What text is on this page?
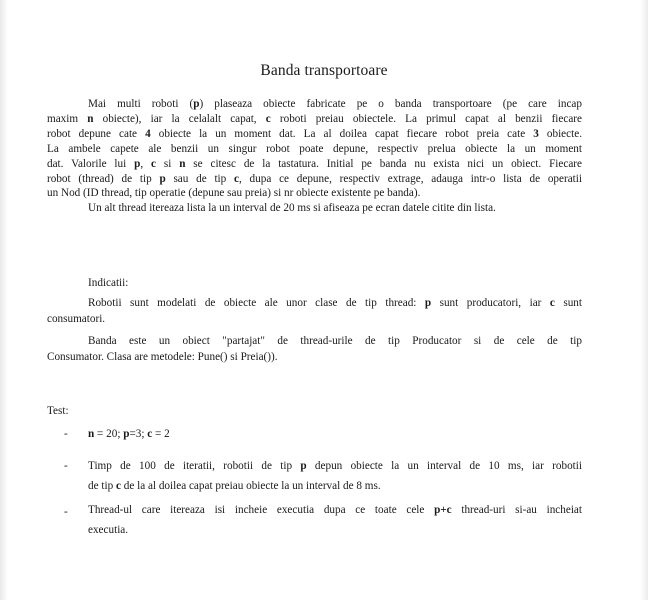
Banda transportoare
Mai multi roboti (p) plaseaza obiecte fabricate pe o banda transportoare (pe care incap
maxim n obiecte), iar la celalalt capat, c roboti preiau obiectele. La primul capat al benzii fiecare
robot depune cate 4 obiecte la un moment dat. La al doilea capat fiecare robot preia cate 3 obiecte.
La ambele capete ale benzii un singur robot poate depune, respectiv preluа obiecte la un moment
dat. Valorile lui p, c si n se citesc de la tastatura. Initial pe banda nu exista nici un obiect. Fiecare
robot (thread) de tip p sau de tip c, dupa ce depune, respectiv extrage, adauga intr-o lista de operatii
un Nod (ID thread, tip operatie (depune sau preia) si nr obiecte existente pe banda).
Un alt thread itereaza lista la un interval de 20 ms si afiseaza pe ecran datele citite din lista.
Indicatii:
Robotii sunt modelati de obiecte ale unor clase de tip thread: p sunt producatori, iar c sunt
consumatori.
Banda este un obiect "partajat" de thread-urile de tip Producator si de cele de tip
Consumator. Clasa are metodele: Pune() si Preia()).
Test:
- n = 20; p=3; c = 2
- Timp de 100 de iteratii, robotii de tip p depun obiecte la un interval de 10 ms, iar robotii
de tip c de la al doilea capat preiau obiecte la un interval de 8 ms.
- Thread-ul care itereaza isi incheie executia dupa ce toate cele p+c thread-uri si-au incheiat
executia.
